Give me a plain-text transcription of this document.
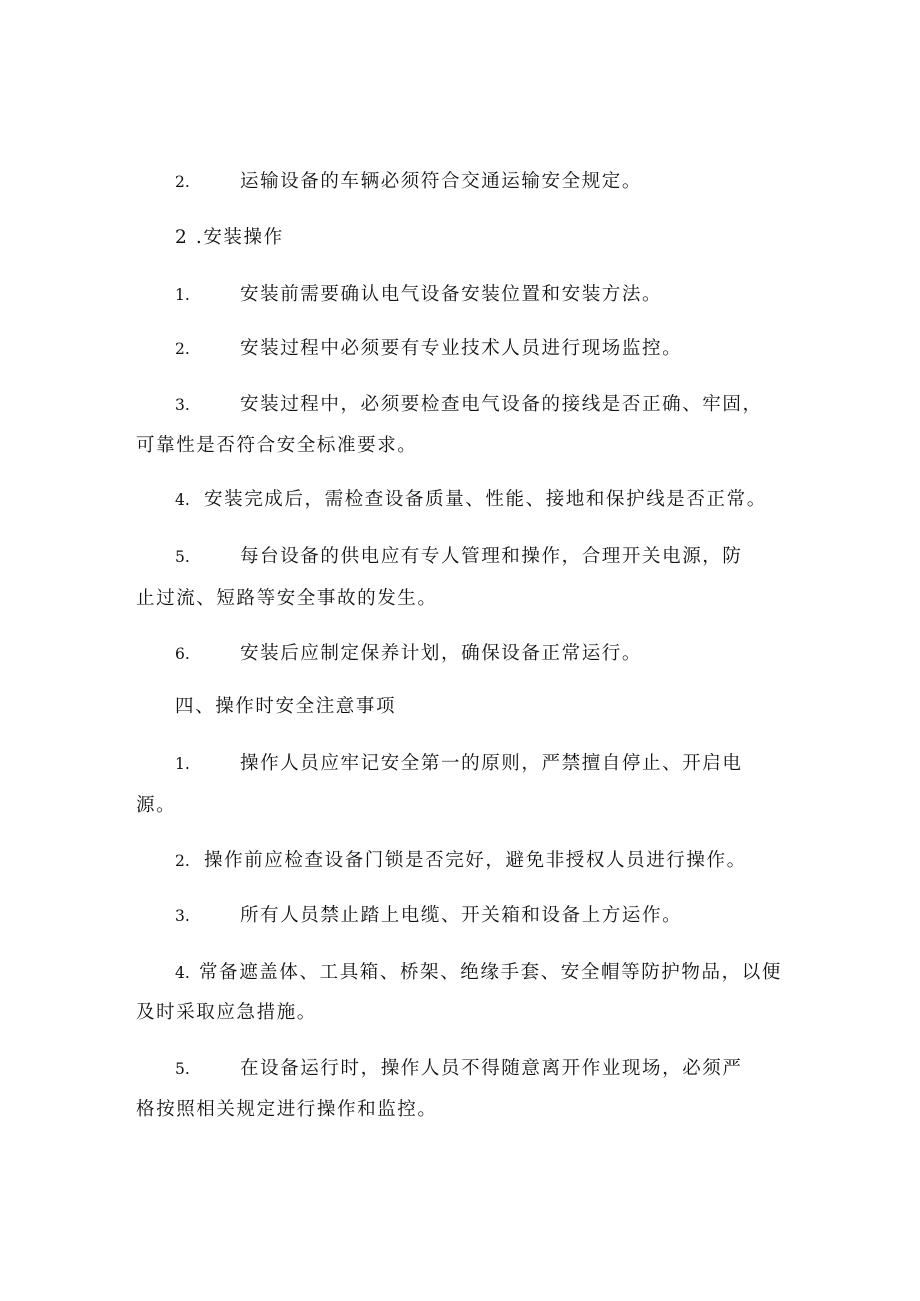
2.	运输设备的车辆必须符合交通运输安全规定。
2 .安装操作
1.	安装前需要确认电气设备安装位置和安装方法。
2.	安装过程中必须要有专业技术人员进行现场监控。
3.	安装过程中，必须要检查电气设备的接线是否正确、牢固，
可靠性是否符合安全标准要求。
4. 安装完成后，需检查设备质量、性能、接地和保护线是否正常。
5.	每台设备的供电应有专人管理和操作，合理开关电源，防
止过流、短路等安全事故的发生。
6.	安装后应制定保养计划，确保设备正常运行。
四、操作时安全注意事项
1.	操作人员应牢记安全第一的原则，严禁擅自停止、开启电
源。
2. 操作前应检查设备门锁是否完好，避免非授权人员进行操作。
3.	所有人员禁止踏上电缆、开关箱和设备上方运作。
4. 常备遮盖体、工具箱、桥架、绝缘手套、安全帽等防护物品，以便
及时采取应急措施。
5.	在设备运行时，操作人员不得随意离开作业现场，必须严
格按照相关规定进行操作和监控。
